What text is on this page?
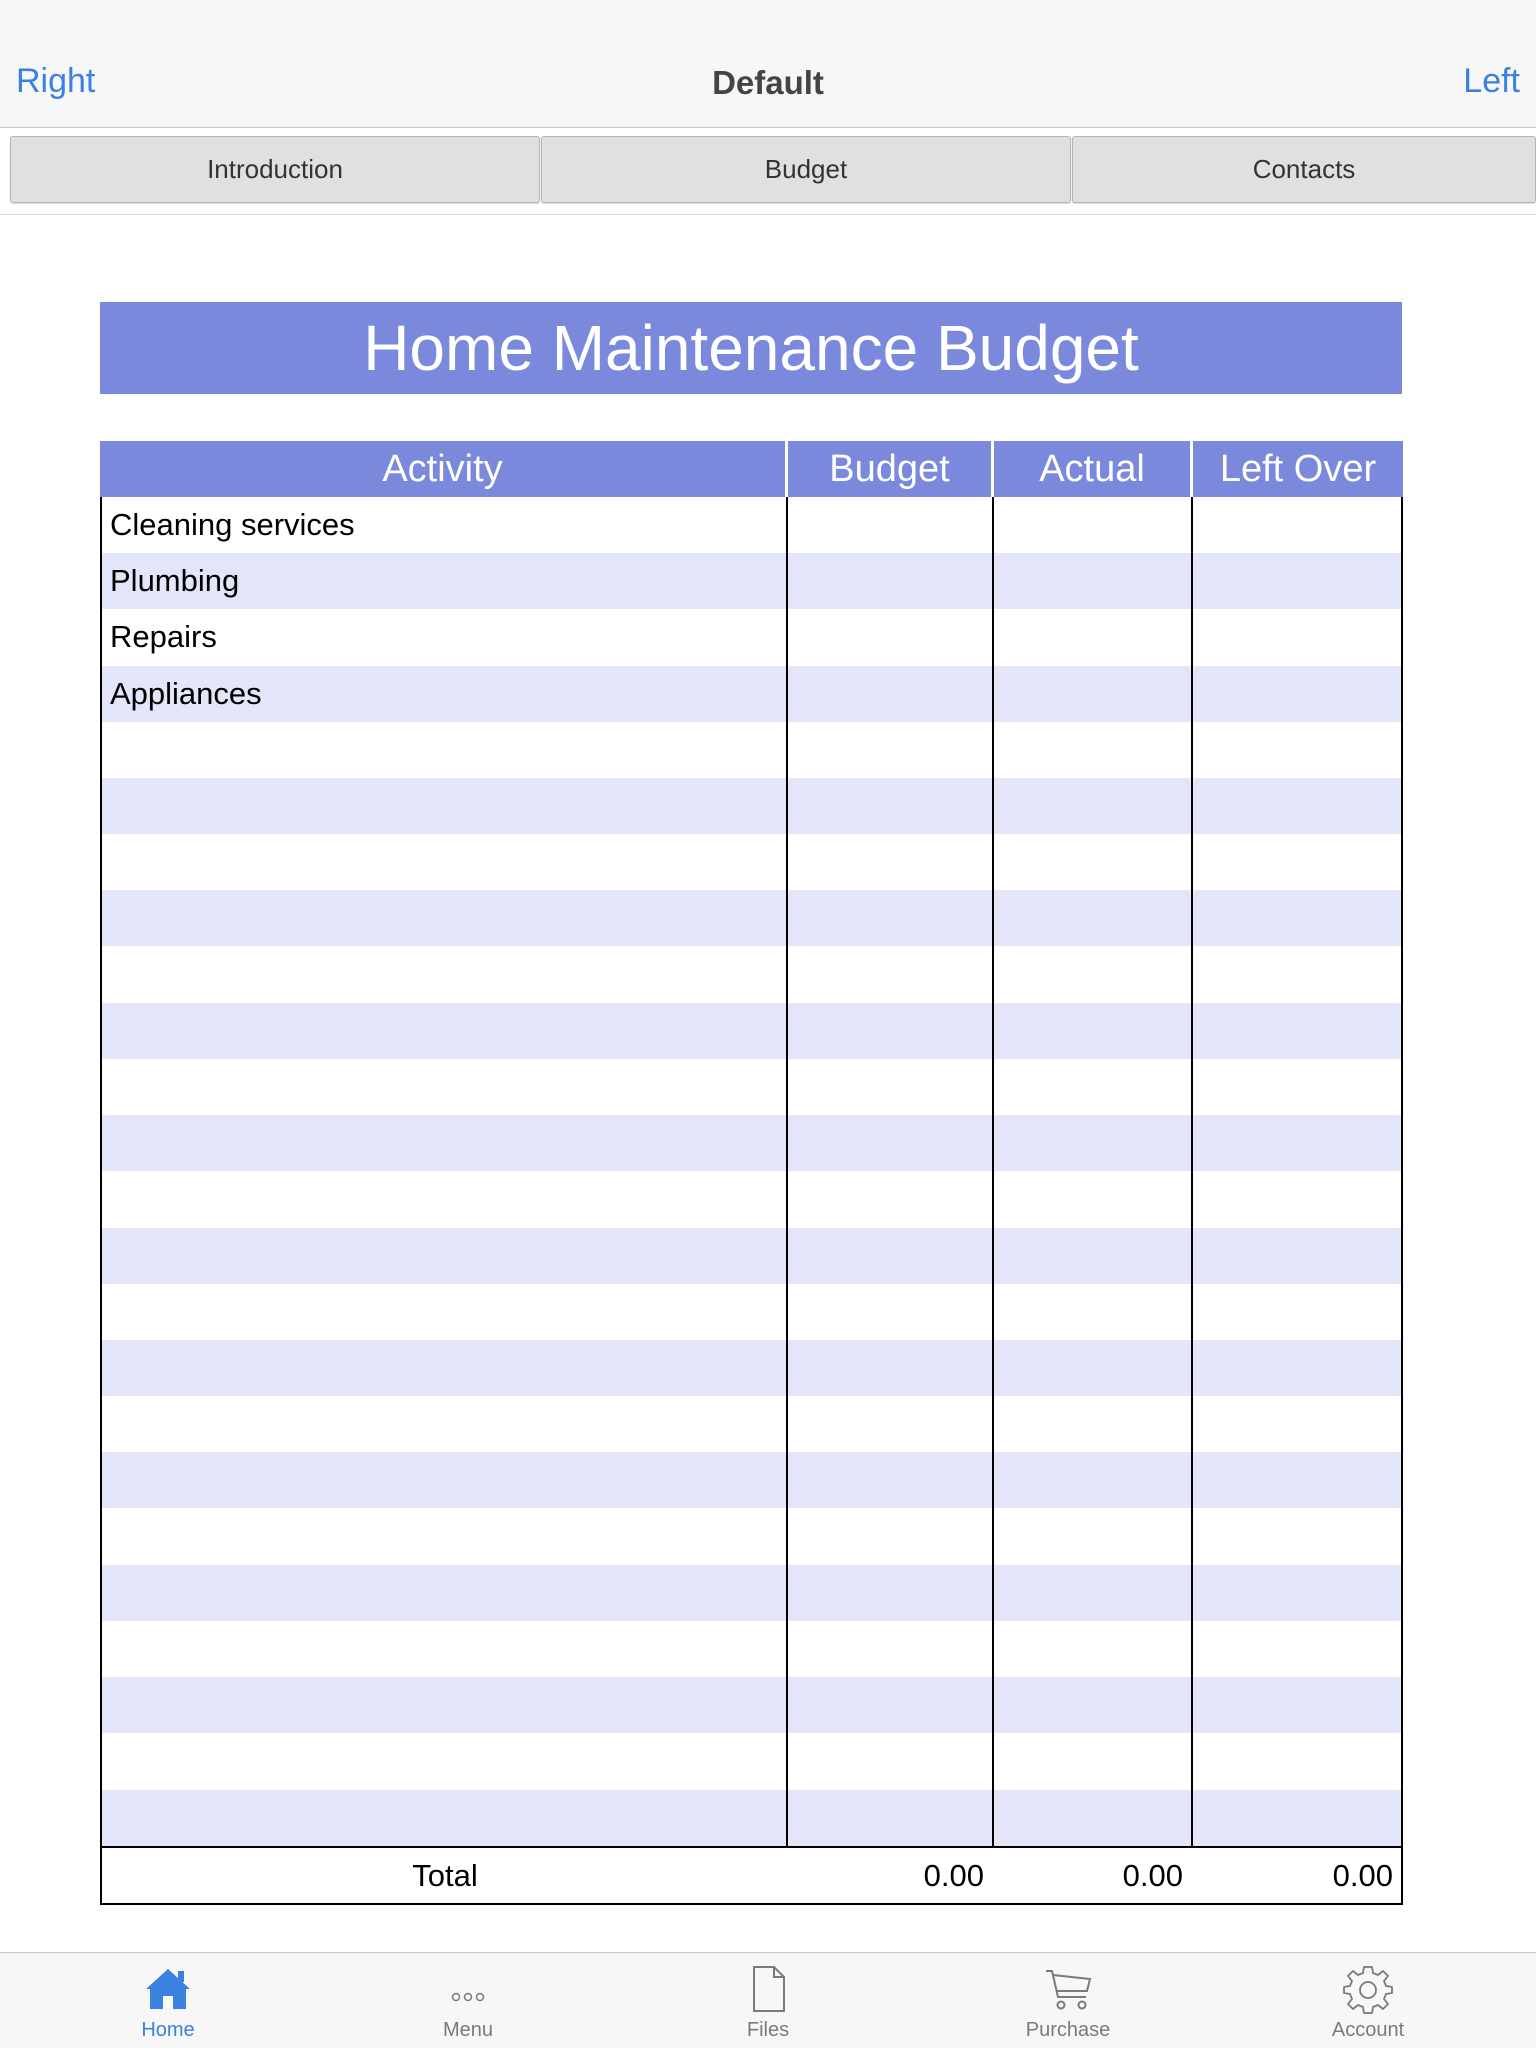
Right	Default	Left
Introduction	Budget	Contacts
Home Maintenance Budget
Activity	Budget	Actual	Left Over
Cleaning services
Plumbing
Repairs
Appliances
Total	0.00	0.00	0.00
Home	Menu	Files	Purchase	Account
